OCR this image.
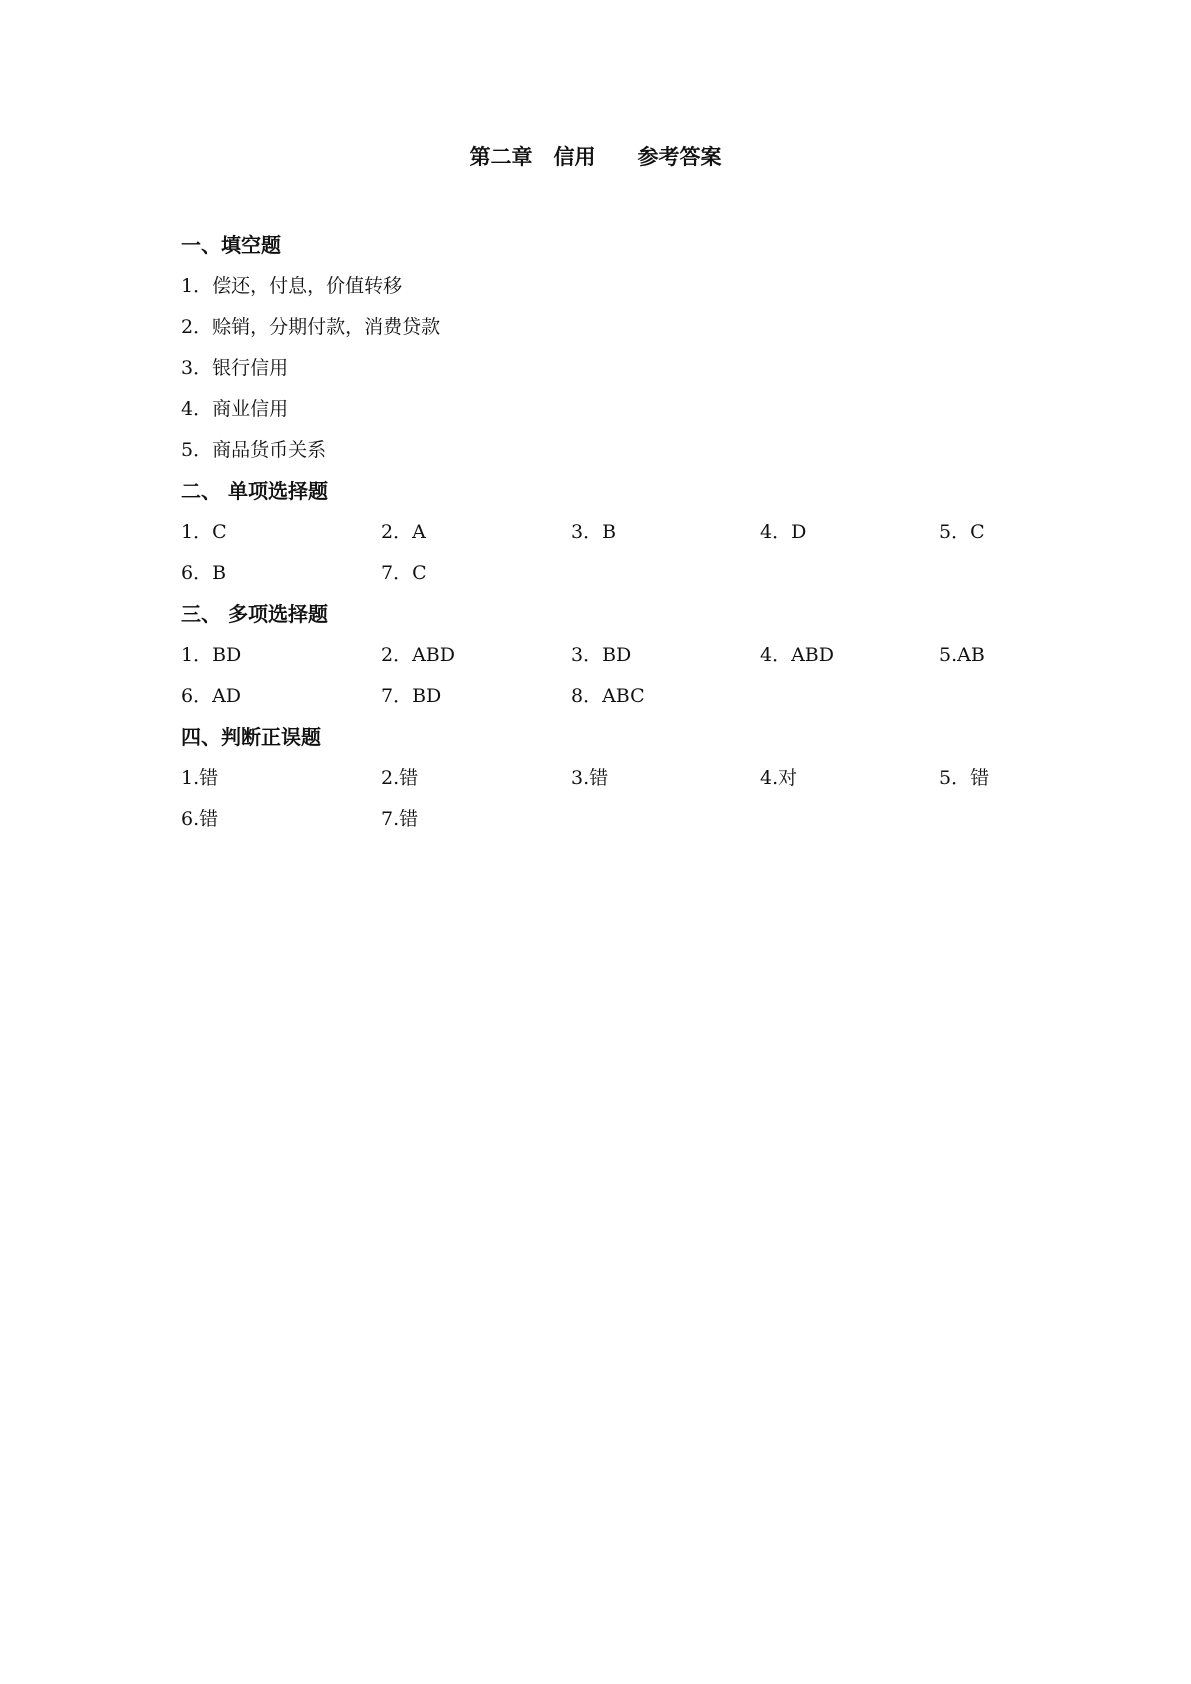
第二章　信用　　参考答案
一、填空题
1．偿还，付息，价值转移
2．赊销，分期付款，消费贷款
3．银行信用
4．商业信用
5．商品货币关系
二、 单项选择题
1．C	2．A	3．B	4．D	5．C
6．B	7．C
三、 多项选择题
1．BD	2．ABD	3．BD	4．ABD	5.AB
6．AD	7．BD	8．ABC
四、判断正误题
1.错	2.错	3.错	4.对	5．错
6.错	7.错
